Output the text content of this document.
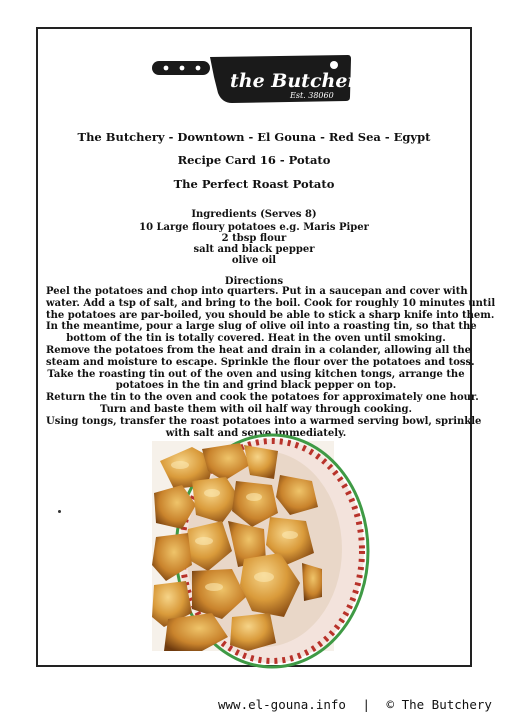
the Butchery
Est. 38060
The Butchery - Downtown - El Gouna - Red Sea - Egypt
Recipe Card 16 - Potato
The Perfect Roast Potato
Ingredients (Serves 8)
10 Large floury potatoes e.g. Maris Piper
2 tbsp flour
salt and black pepper
olive oil
Directions
Peel the potatoes and chop into quarters. Put in a saucepan and cover with
water. Add a tsp of salt, and bring to the boil. Cook for roughly 10 minutes until
the potatoes are par-boiled, you should be able to stick a sharp knife into them.
In the meantime, pour a large slug of olive oil into a roasting tin, so that the
bottom of the tin is totally covered. Heat in the oven until smoking.
Remove the potatoes from the heat and drain in a colander, allowing all the
steam and moisture to escape. Sprinkle the flour over the potatoes and toss.
Take the roasting tin out of the oven and using kitchen tongs, arrange the
potatoes in the tin and grind black pepper on top.
Return the tin to the oven and cook the potatoes for approximately one hour.
Turn and baste them with oil half way through cooking.
Using tongs, transfer the roast potatoes into a warmed serving bowl, sprinkle
with salt and serve immediately.
www.el-gouna.info | © The Butchery
